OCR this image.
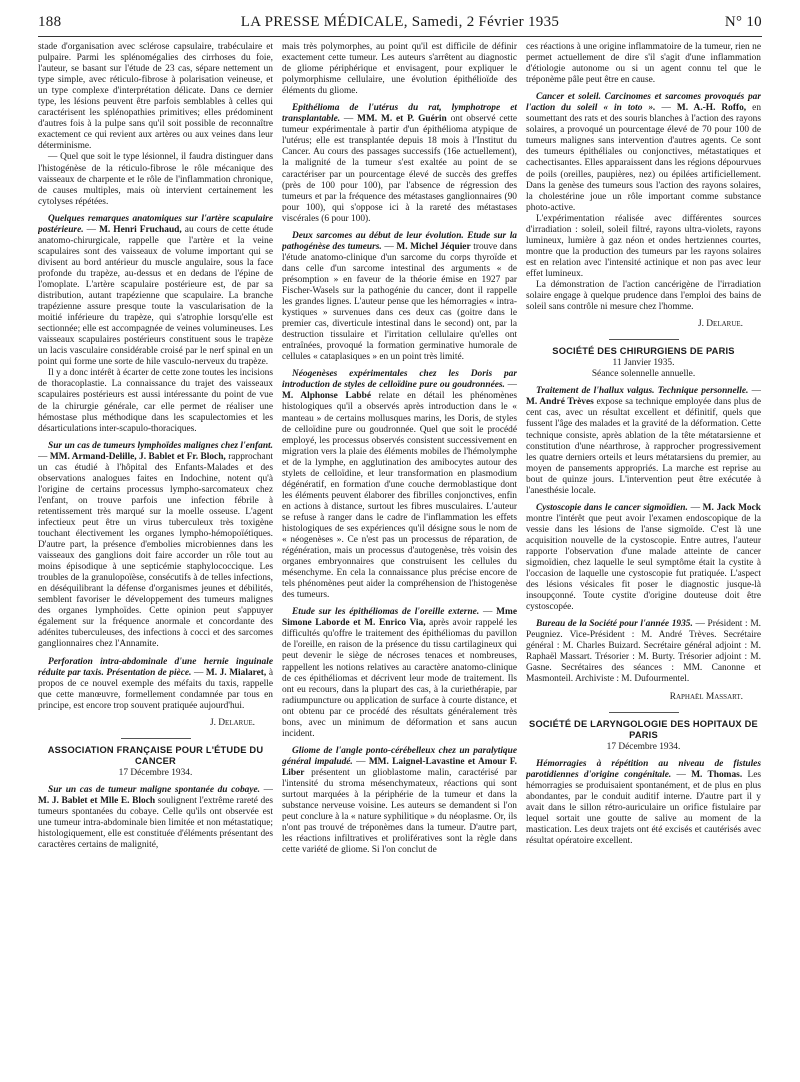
188	LA PRESSE MÉDICALE, Samedi, 2 Février 1935	N° 10

stade d'organisation avec sclérose capsulaire, trabéculaire et pulpaire. Parmi les splénomégalies des cirrhoses du foie, l'auteur, se basant sur l'étude de 23 cas, sépare nettement un type simple, avec réticulo-fibrose à polarisation veineuse, et un type complexe d'interprétation délicate. Dans ce dernier type, les lésions peuvent être parfois semblables à celles qui caractérisent les splénopathies primitives; elles prédominent d'autres fois à la pulpe sans qu'il soit possible de reconnaître exactement ce qui revient aux artères ou aux veines dans leur déterminisme.

— Quel que soit le type lésionnel, il faudra distinguer dans l'histogénèse de la réticulo-fibrose le rôle mécanique des vaisseaux de charpente et le rôle de l'inflammation chronique, de causes multiples, mais où intervient certainement les cytolyses répétées.

Quelques remarques anatomiques sur l'artère scapulaire postérieure. — M. Henri Fruchaud, au cours de cette étude anatomo-chirurgicale, rappelle que l'artère et la veine scapulaires sont des vaisseaux de volume important qui se divisent au bord antérieur du muscle angulaire, sous la face profonde du trapèze, au-dessus et en dedans de l'épine de l'omoplate. L'artère scapulaire postérieure est, de par sa distribution, autant trapézienne que scapulaire. La branche trapézienne assure presque toute la vascularisation de la moitié inférieure du trapèze, qui s'atrophie lorsqu'elle est sectionnée; elle est accompagnée de veines volumineuses. Les vaisseaux scapulaires postérieurs constituent sous le trapèze un lacis vasculaire considérable croisé par le nerf spinal en un point qui forme une sorte de hile vasculo-nerveux du trapèze.

Il y a donc intérêt à écarter de cette zone toutes les incisions de thoracoplastie. La connaissance du trajet des vaisseaux scapulaires postérieurs est aussi intéressante du point de vue de la chirurgie générale, car elle permet de réaliser une hémostase plus méthodique dans les scapulectomies et les désarticulations inter-scapulo-thoraciques.

Sur un cas de tumeurs lymphoïdes malignes chez l'enfant. — MM. Armand-Delille, J. Bablet et Fr. Bloch, rapprochant un cas étudié à l'hôpital des Enfants-Malades et des observations analogues faites en Indochine, notent qu'à l'origine de certains processus lympho-sarcomateux chez l'enfant, on trouve parfois une infection fébrile à retentissement très marqué sur la moelle osseuse. L'agent infectieux peut être un virus tuberculeux très toxigène touchant électivement les organes lympho-hémopoïétiques. D'autre part, la présence d'embolies microbiennes dans les vaisseaux des ganglions doit faire accorder un rôle tout au moins épisodique à une septicémie staphylococcique. Les troubles de la granulopoïèse, consécutifs à de telles infections, en déséquilibrant la défense d'organismes jeunes et débilités, semblent favoriser le développement des tumeurs malignes des organes lymphoïdes. Cette opinion peut s'appuyer également sur la fréquence anormale et concordante des adénites tuberculeuses, des infections à cocci et des sarcomes ganglionnaires chez l'Annamite.

Perforation intra-abdominale d'une hernie inguinale réduite par taxis. Présentation de pièce. — M. J. Mialaret, à propos de ce nouvel exemple des méfaits du taxis, rappelle que cette manœuvre, formellement condamnée par tous en principe, est encore trop souvent pratiquée aujourd'hui.

J. Delarue.

ASSOCIATION FRANÇAISE POUR L'ÉTUDE DU CANCER

17 Décembre 1934.

Sur un cas de tumeur maligne spontanée du cobaye. — M. J. Bablet et Mlle E. Bloch soulignent l'extrême rareté des tumeurs spontanées du cobaye. Celle qu'ils ont observée est une tumeur intra-abdominale bien limitée et non métastatique; histologiquement, elle est constituée d'éléments présentant des caractères certains de malignité,

mais très polymorphes, au point qu'il est difficile de définir exactement cette tumeur. Les auteurs s'arrêtent au diagnostic de gliome périphérique et envisagent, pour expliquer le polymorphisme cellulaire, une évolution épithélioïde des éléments du gliome.

Epithélioma de l'utérus du rat, lymphotrope et transplantable. — MM. M. et P. Guérin ont observé cette tumeur expérimentale à partir d'un épithélioma atypique de l'utérus; elle est transplantée depuis 18 mois à l'Institut du Cancer. Au cours des passages successifs (16e actuellement), la malignité de la tumeur s'est exaltée au point de se caractériser par un pourcentage élevé de succès des greffes (près de 100 pour 100), par l'absence de régression des tumeurs et par la fréquence des métastases ganglionnaires (90 pour 100), qui s'oppose ici à la rareté des métastases viscérales (6 pour 100).

Deux sarcomes au début de leur évolution. Etude sur la pathogénèse des tumeurs. — M. Michel Jéquier trouve dans l'étude anatomo-clinique d'un sarcome du corps thyroïde et dans celle d'un sarcome intestinal des arguments « de présomption » en faveur de la théorie émise en 1927 par Fischer-Wasels sur la pathogénie du cancer, dont il rappelle les grandes lignes. L'auteur pense que les hémorragies « intra-kystiques » survenues dans ces deux cas (goitre dans le premier cas, diverticule intestinal dans le second) ont, par la destruction tissulaire et l'irritation cellulaire qu'elles ont entraînées, provoqué la formation germinative humorale de cellules « cataplasiques » en un point très limité.

Néogenèses expérimentales chez les Doris par introduction de styles de celloïdine pure ou goudronnées. — M. Alphonse Labbé relate en détail les phénomènes histologiques qu'il a observés après introduction dans le « manteau » de certains mollusques marins, les Doris, de styles de celloïdine pure ou goudronnée. Quel que soit le procédé employé, les processus observés consistent successivement en migration vers la plaie des éléments mobiles de l'hémolymphe et de la lymphe, en agglutination des amibocytes autour des stylets de celloïdine, et leur transformation en plasmodium dégénératif, en formation d'une couche dermoblastique dont les éléments peuvent élaborer des fibrilles conjonctives, enfin en actions à distance, surtout les fibres musculaires. L'auteur se refuse à ranger dans le cadre de l'inflammation les effets histologiques de ses expériences qu'il désigne sous le nom de « néogenèses ». Ce n'est pas un processus de réparation, de régénération, mais un processus d'autogenèse, très voisin des organes embryonnaires que construisent les cellules du mésenchyme. En cela la connaissance plus précise encore de tels phénomènes peut aider la compréhension de l'histogenèse des tumeurs.

Etude sur les épithéliomas de l'oreille externe. — Mme Simone Laborde et M. Enrico Via, après avoir rappelé les difficultés qu'offre le traitement des épithéliomas du pavillon de l'oreille, en raison de la présence du tissu cartilagineux qui peut devenir le siège de nécroses tenaces et nombreuses, rappellent les notions relatives au caractère anatomo-clinique de ces épithéliomas et décrivent leur mode de traitement. Ils ont eu recours, dans la plupart des cas, à la curiethérapie, par radiumpuncture ou application de surface à courte distance, et ont obtenu par ce procédé des résultats généralement très bons, avec un minimum de déformation et sans aucun incident.

Gliome de l'angle ponto-cérébelleux chez un paralytique général impaludé. — MM. Laignel-Lavastine et Amour F. Liber présentent un glioblastome malin, caractérisé par l'intensité du stroma mésenchymateux, réactions qui sont surtout marquées à la périphérie de la tumeur et dans la substance nerveuse voisine. Les auteurs se demandent si l'on peut conclure à la « nature syphilitique » du néoplasme. Or, ils n'ont pas trouvé de tréponèmes dans la tumeur. D'autre part, les réactions infiltratives et prolifératives sont la règle dans cette variété de gliome. Si l'on conclut de

ces réactions à une origine inflammatoire de la tumeur, rien ne permet actuellement de dire s'il s'agit d'une inflammation d'étiologie autonome ou si un agent connu tel que le tréponème pâle peut être en cause.

Cancer et soleil. Carcinomes et sarcomes provoqués par l'action du soleil « in toto ». — M. A.-H. Roffo, en soumettant des rats et des souris blanches à l'action des rayons solaires, a provoqué un pourcentage élevé de 70 pour 100 de tumeurs malignes sans intervention d'autres agents. Ce sont des tumeurs épithéliales ou conjonctives, métastatiques et cachectisantes. Elles apparaissent dans les régions dépourvues de poils (oreilles, paupières, nez) ou épilées artificiellement. Dans la genèse des tumeurs sous l'action des rayons solaires, la cholestérine joue un rôle important comme substance photo-active.

L'expérimentation réalisée avec différentes sources d'irradiation : soleil, soleil filtré, rayons ultra-violets, rayons lumineux, lumière à gaz néon et ondes hertziennes courtes, montre que la production des tumeurs par les rayons solaires est en relation avec l'intensité actinique et non pas avec leur effet lumineux.

La démonstration de l'action cancérigène de l'irradiation solaire engage à quelque prudence dans l'emploi des bains de soleil sans contrôle ni mesure chez l'homme.

J. Delarue.

SOCIÉTÉ DES CHIRURGIENS DE PARIS

11 Janvier 1935.

Séance solennelle annuelle.

Traitement de l'hallux valgus. Technique personnelle. — M. André Trèves expose sa technique employée dans plus de cent cas, avec un résultat excellent et définitif, quels que fussent l'âge des malades et la gravité de la déformation. Cette technique consiste, après ablation de la tête métatarsienne et constitution d'une néarthrose, à rapprocher progressivement les quatre derniers orteils et leurs métatarsiens du premier, au moyen de pansements appropriés. La marche est reprise au bout de quinze jours. L'intervention peut être exécutée à l'anesthésie locale.

Cystoscopie dans le cancer sigmoïdien. — M. Jack Mock montre l'intérêt que peut avoir l'examen endoscopique de la vessie dans les lésions de l'anse sigmoïde. C'est là une acquisition nouvelle de la cystoscopie. Entre autres, l'auteur rapporte l'observation d'une malade atteinte de cancer sigmoïdien, chez laquelle le seul symptôme était la cystite à l'occasion de laquelle une cystoscopie fut pratiquée. L'aspect des lésions vésicales fit poser le diagnostic jusque-là insoupçonné. Toute cystite d'origine douteuse doit être cystoscopée.

Bureau de la Société pour l'année 1935. — Président : M. Peugniez. Vice-Président : M. André Trèves. Secrétaire général : M. Charles Buizard. Secrétaire général adjoint : M. Raphaël Massart. Trésorier : M. Burty. Trésorier adjoint : M. Gasne. Secrétaires des séances : MM. Canonne et Masmonteil. Archiviste : M. Dufourmentel.

Raphaël Massart.

SOCIÉTÉ DE LARYNGOLOGIE DES HOPITAUX DE PARIS

17 Décembre 1934.

Hémorragies à répétition au niveau de fistules parotidiennes d'origine congénitale. — M. Thomas. Les hémorragies se produisaient spontanément, et de plus en plus abondantes, par le conduit auditif interne. D'autre part il y avait dans le sillon rétro-auriculaire un orifice fistulaire par lequel sortait une goutte de salive au moment de la mastication. Les deux trajets ont été excisés et cautérisés avec résultat opératoire excellent.
